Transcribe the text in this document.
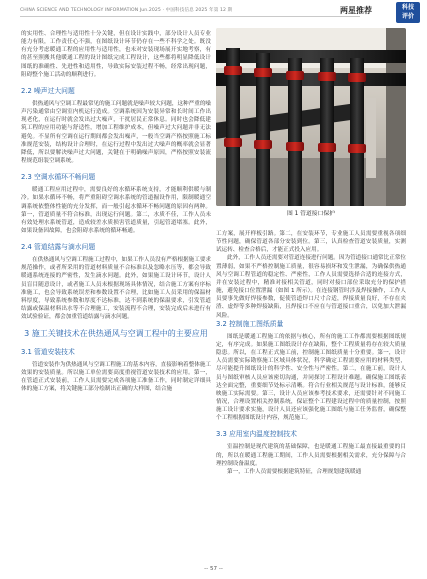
CHINA SCIENCE AND TECHNOLOGY INFORMATION Jun.2025 · 中国科技信息 2025 年第 12 期	两星推荐	科技
评价

的实用性、合理性与适用性十分关键，但在设计实践中，部分设计人员专业能力有限，工作责任心不强，在图纸设计环节仍存在一些不科学之处。既没有充分考虑暖通工程的应用性与适用性，也未对安装现场展开实地考察，有的甚至照搬其他暖通工程的设计图纸完成工程设计，这些都将明显降低设计图纸的准确性、先进性和适用性，导致实际安装过程不畅，经常出现问题，阻碍整个施工活动的顺利进行。

2.2 噪声过大问题

供热通风与空调工程最常见的施工问题就是噪声较大问题，这种严重的噪声污染通常由空调室内机运行造成。空调系统因为安装异常和长时间工作出现老化，在运行时就会发出过大噪声，干扰居民正常休息。同时也会降低建筑工程的应用功能与舒适性，增加工程维护成本，但噪声过大问题并非无法避免。不显所有空调在运行期间都会发出噪声，一般当空调产格按照施工标准规范安装，结构设计合理时，在运行过程中发出过大噪声的概率就会显著降低，所以要解决噪声过大问题，关键在于明确噪声原因，严格按照安装流程规范组装空调系统。

2.3 空调水循环不畅问题

暖通工程应用过程中，需要良好的水循环系统支持，才能顺利供暖与制冷。如果水循环不畅，将严重阻碍空调水系统的管道掘设作用，限制暖通空调系统依整体性能的充分发挥，而一般引起水循环不畅问题的原因有两种。第一，管道质量不符合标准，出现运行问题。第二，水质不佳，工作人员未有效处理水系统管道，造成较差水质损害管道质量，引起管道堵塞。此外，如果设备因故障，也会阻碍水系统的循环畅通。

2.4 管道结露与滴水问题

在供热通风与空调工程施工过程中，如果工作人员没有严格根据施工要求规范操作，或者所采用的管道材料质量不合标准以及忽略水压等，都会导致暖通系统连接的严密性，发生滴水问题。此外，如果施工设计环节，设计人员盲目随意设计，或者施工人员未根据现场具体情况，结合施工方案有序标准施工，也会导致系统误差和参数设置不合理，比如施工人员采用的保温材料厚度，导致系统参数和厚度不达标准，达不到系统的保温要求，引发管道结露或保温材料出水等不合理施工，安装流程不合理，安装完成后未进行有效试验验证，都会加重管道结露与滴水问题。

3 施工关键技术在供热通风与空调工程中的主要应用
3.1 管道安装技术

管道安装作为供热通风与空调工程施工的基本内容，直接影响着整体施工效果的安装质量。所以施工单位需要高度重视管道安装技术的应用。第一，在管道正式安装前，工作人员需要完成各项施工准备工作，同时制定详细具体的施工方案，将关键施工部分绘制出正确的大样图，结合施

图 1 管道接口保护

工方案，展开样板引路。第二，在安装环节，专业施工人员需要重视各项细节性问题，确保管道各部分安装到位。第三，认真检查管道安装质量，实测试运转、检查合格后，才能正式投入应用。

此外，工作人员还需要对管道连接进行问题。因为管道接口通常比正常位置薄弱，如果不严格控制施工质量，很容易损坏和发生泄漏，为确保供热通风与空调工程管道的稳定性、严密性，工作人员需要选择合适的连接方式，并在安装过程中，精准对接相关管道，同时对接口部位采取充分的保护措施，避免接口位置泄漏（如图 1 所示）。在连接钢管时涉及焊接操作，工作人员要事先做好焊接参数，促使管道焊口尺寸合适，焊接质量良好，不存在夹渣、虚焊等多种焊接缺陷，且焊接口不应在与管道接口重合，以免加大泄漏风险。

3.2 控制施工图纸质量

图纸是暖通工程施工的依据与核心，所有的施工工作都需要根据图纸规定，有序完成。如果施工图纸设计存在缺陷，整个工程质量将存在较大质量隐患。所以，在工程正式施工前，控制施工图纸质量十分重要。第一，设计人员需要实际勘察施工区域具体状况，科学确定工程需要应用的材料类型，尽可能提升图纸设计的科学性、安全性与严密性。第二，在施工前，设计人员与图纸审核人员应该密切沟通，并同探讨工程设计难题。确保施工图纸表达全面完整，重要细节处标示清晰。符合行业相关规范与设计标准，能够反映施工实际需要。第三，设计人员应该参考技术要求，还需要针对不同施工情况，合理设置相关控制系统，保证整个工程建设过程中的质量控制，按照施工设计要求实施，设计人员还应该强化施工图纸与施工任务监督，确保整个工程根据图纸设计内容，规范施工。

3.3 应用室内温度控制技术

室温控制是现代建筑的基础保障，也是暖通工程施工最直接最重要的目的，所以在暖通工程施工期间，工作人员需要根据相关需求，充分保障与合理控制设备温度。

第一，工作人员需要根据建筑特征，合理规划建筑暖通

-- 57 --
